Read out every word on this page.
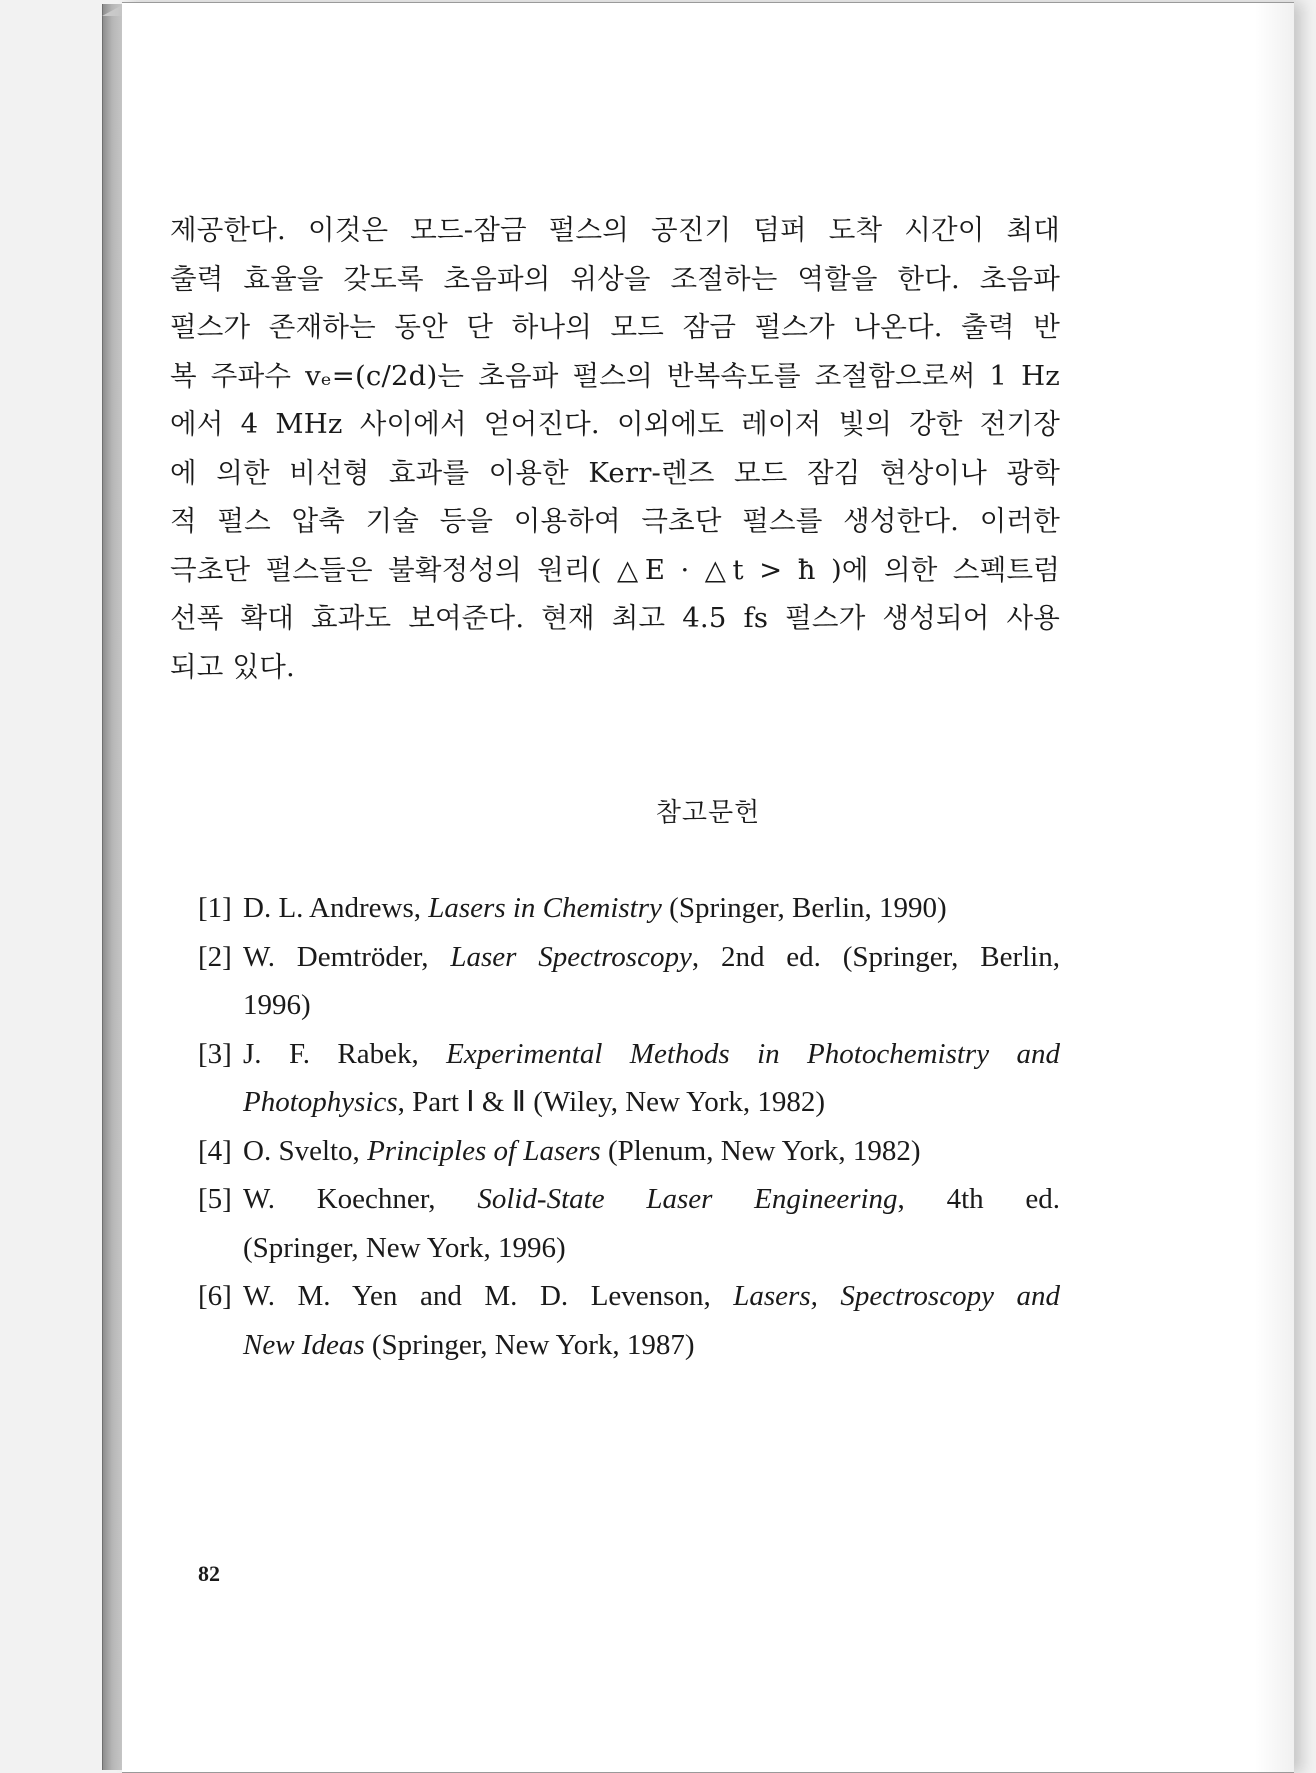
제공한다. 이것은 모드-잠금 펄스의 공진기 덤퍼 도착 시간이 최대
출력 효율을 갖도록 초음파의 위상을 조절하는 역할을 한다. 초음파
펄스가 존재하는 동안 단 하나의 모드 잠금 펄스가 나온다. 출력 반
복 주파수 vₑ=(c/2d)는 초음파 펄스의 반복속도를 조절함으로써 1 Hz
에서 4 MHz 사이에서 얻어진다. 이외에도 레이저 빛의 강한 전기장
에 의한 비선형 효과를 이용한 Kerr-렌즈 모드 잠김 현상이나 광학
적 펄스 압축 기술 등을 이용하여 극초단 펄스를 생성한다. 이러한
극초단 펄스들은 불확정성의 원리( △E · △t > ħ )에 의한 스펙트럼
선폭 확대 효과도 보여준다. 현재 최고 4.5 fs 펄스가 생성되어 사용
되고 있다.
참고문헌
[1] D. L. Andrews, Lasers in Chemistry (Springer, Berlin, 1990)
[2] W. Demtröder, Laser Spectroscopy, 2nd ed. (Springer, Berlin,
1996)
[3] J. F. Rabek, Experimental Methods in Photochemistry and
Photophysics, Part Ⅰ & Ⅱ (Wiley, New York, 1982)
[4] O. Svelto, Principles of Lasers (Plenum, New York, 1982)
[5] W. Koechner, Solid-State Laser Engineering, 4th ed.
(Springer, New York, 1996)
[6] W. M. Yen and M. D. Levenson, Lasers, Spectroscopy and
New Ideas (Springer, New York, 1987)
82
